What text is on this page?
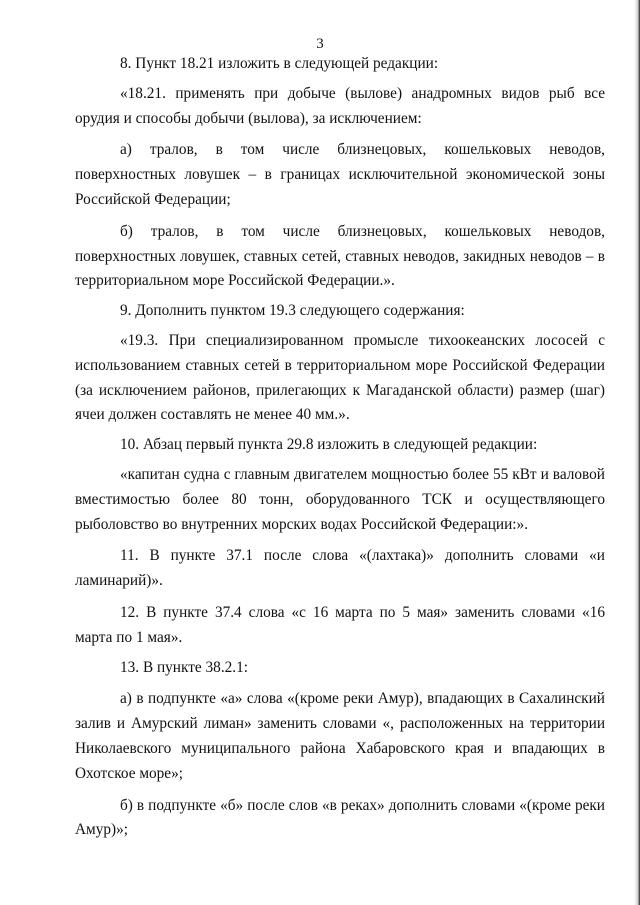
3

8. Пункт 18.21 изложить в следующей редакции:

«18.21. применять при добыче (вылове) анадромных видов рыб все орудия и способы добычи (вылова), за исключением:

а) тралов, в том числе близнецовых, кошельковых неводов, поверхностных ловушек – в границах исключительной экономической зоны Российской Федерации;

б) тралов, в том числе близнецовых, кошельковых неводов, поверхностных ловушек, ставных сетей, ставных неводов, закидных неводов – в территориальном море Российской Федерации.».

9. Дополнить пунктом 19.3 следующего содержания:

«19.3. При специализированном промысле тихоокеанских лососей с использованием ставных сетей в территориальном море Российской Федерации (за исключением районов, прилегающих к Магаданской области) размер (шаг) ячеи должен составлять не менее 40 мм.».

10. Абзац первый пункта 29.8 изложить в следующей редакции:

«капитан судна с главным двигателем мощностью более 55 кВт и валовой вместимостью более 80 тонн, оборудованного ТСК и осуществляющего рыболовство во внутренних морских водах Российской Федерации:».

11. В пункте 37.1 после слова «(лахтака)» дополнить словами «и ламинарий)».

12. В пункте 37.4 слова «с 16 марта по 5 мая» заменить словами «16 марта по 1 мая».

13. В пункте 38.2.1:

а) в подпункте «а» слова «(кроме реки Амур), впадающих в Сахалинский залив и Амурский лиман» заменить словами «, расположенных на территории Николаевского муниципального района Хабаровского края и впадающих в Охотское море»;

б) в подпункте «б» после слов «в реках» дополнить словами «(кроме реки Амур)»;
